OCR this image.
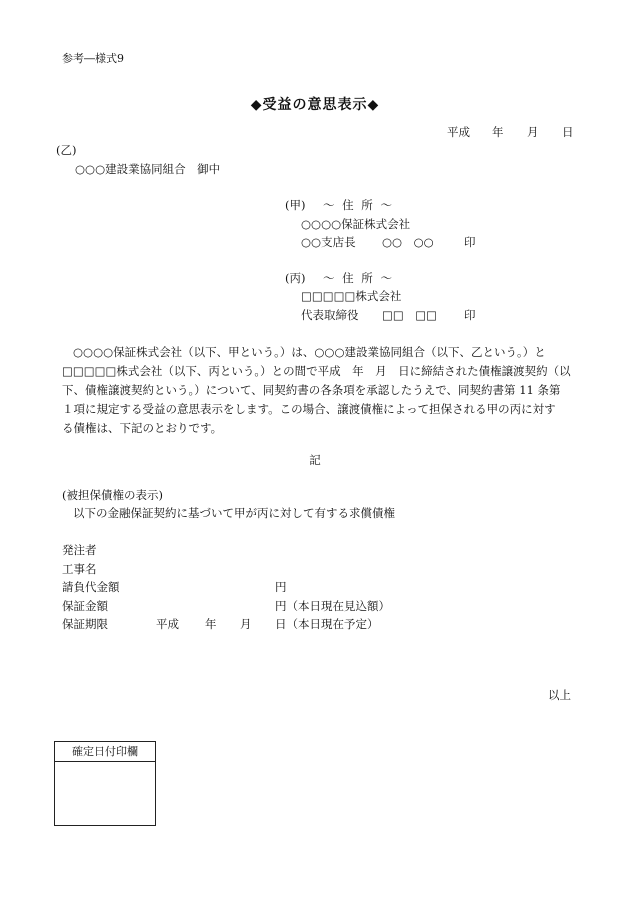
参考―様式9
◆受益の意思表示◆
平成 年 月 日
(乙)
○○○建設業協同組合　御中
(甲) ～ 住 所 ～
○○○○保証株式会社
○○支店長 ○○　○○	印
(丙) ～ 住 所 ～
□□□□□株式会社
代表取締役 □□　□□ 印
○○○○保証株式会社（以下、甲という。）は、○○○建設業協同組合（以下、乙という。）と
□□□□□株式会社（以下、丙という。）との間で平成　年　月　日に締結された債権譲渡契約（以
下、債権譲渡契約という。）について、同契約書の各条項を承認したうえで、同契約書第 11 条第
１項に規定する受益の意思表示をします。この場合、譲渡債権によって担保される甲の丙に対す
る債権は、下記のとおりです。
記
(被担保債権の表示)
以下の金融保証契約に基づいて甲が丙に対して有する求償債権
発注者
工事名
請負代金額	円
保証金額	円（本日現在見込額）
保証期限	平成 年 月 日（本日現在予定）
以上
確定日付印欄
